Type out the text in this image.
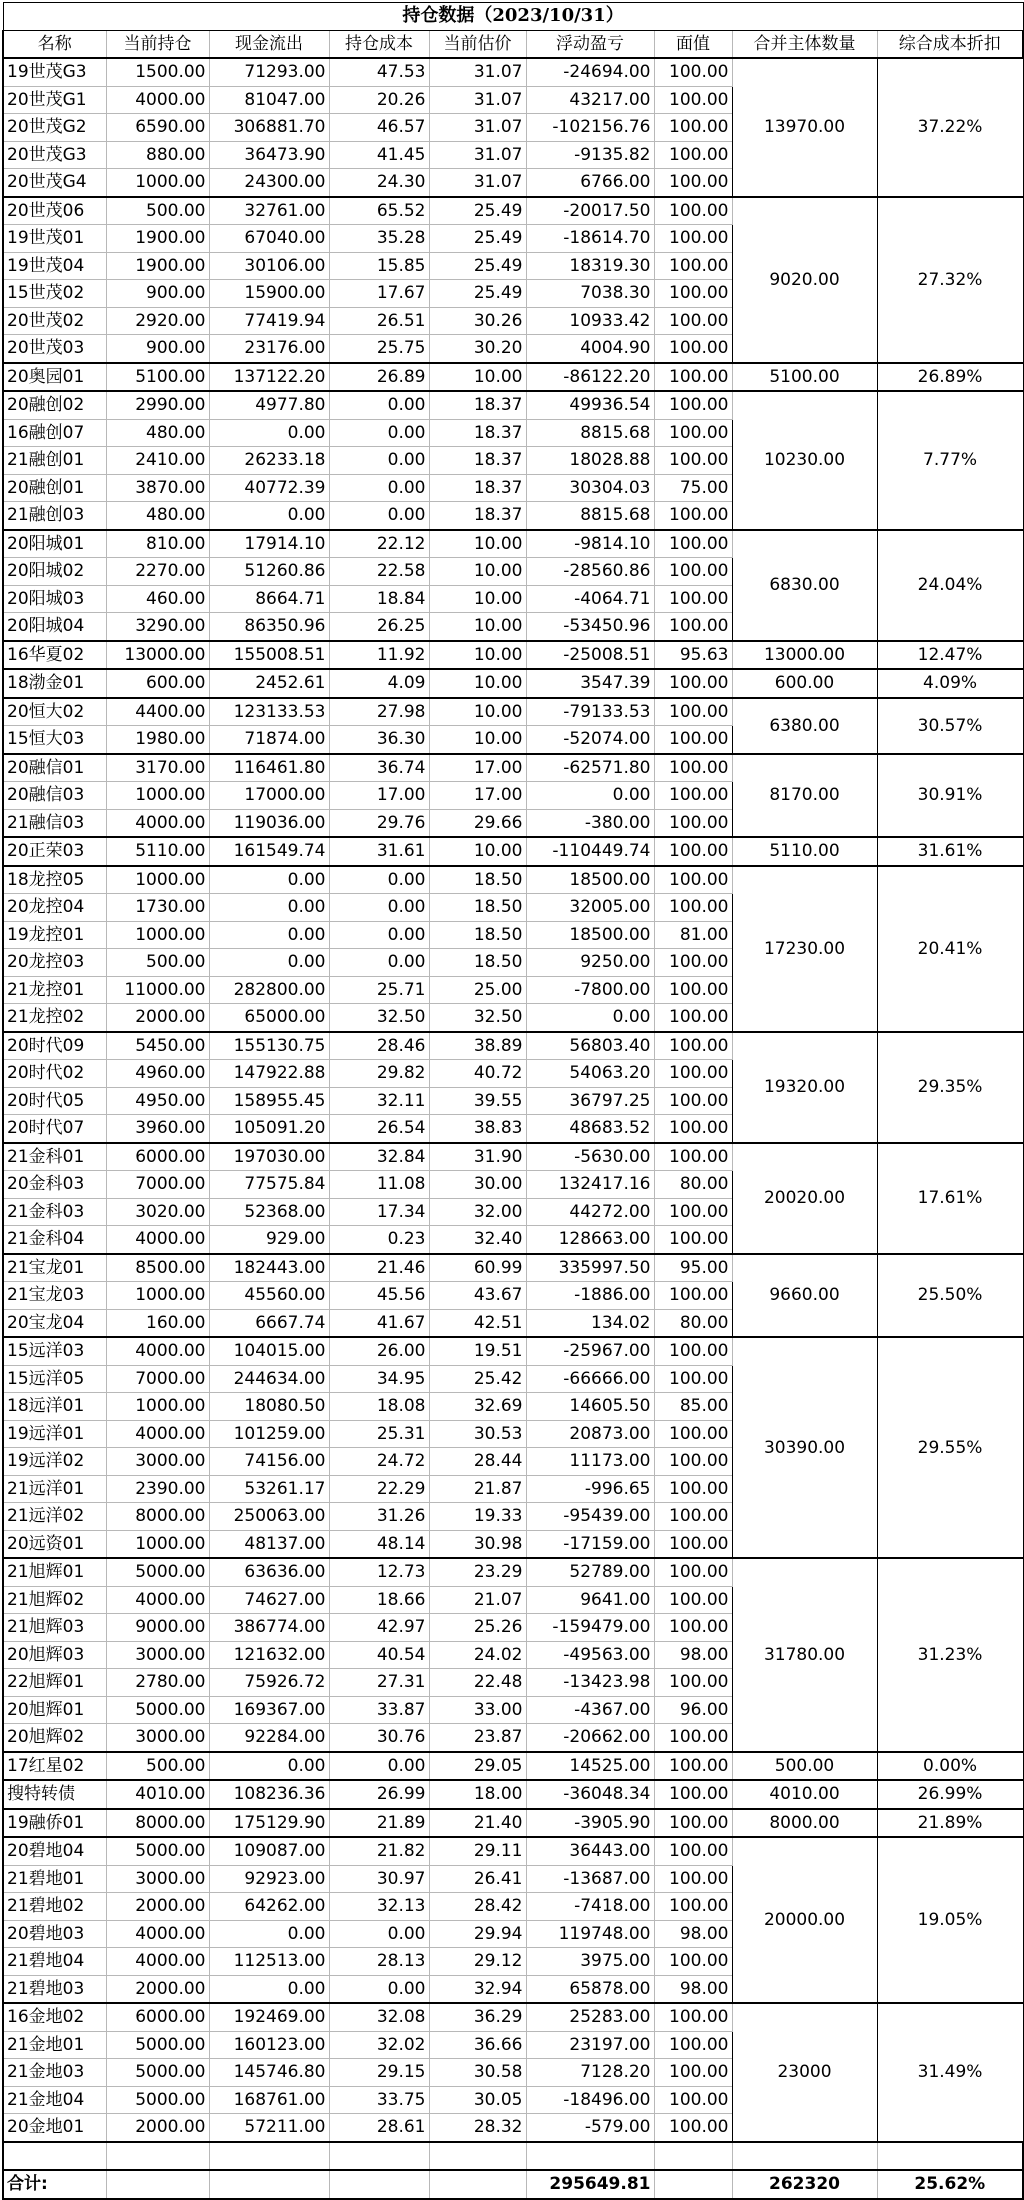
持仓数据（2023/10/31）								
名称	当前持仓	现金流出	持仓成本	当前估价	浮动盈亏	面值	合并主体数量	综合成本折扣
19世茂G3	1500.00	71293.00	47.53	31.07	-24694.00	100.00	13970.00	37.22%
20世茂G1	4000.00	81047.00	20.26	31.07	43217.00	100.00		
20世茂G2	6590.00	306881.70	46.57	31.07	-102156.76	100.00		
20世茂G3	880.00	36473.90	41.45	31.07	-9135.82	100.00		
20世茂G4	1000.00	24300.00	24.30	31.07	6766.00	100.00		
20世茂06	500.00	32761.00	65.52	25.49	-20017.50	100.00	9020.00	27.32%
19世茂01	1900.00	67040.00	35.28	25.49	-18614.70	100.00		
19世茂04	1900.00	30106.00	15.85	25.49	18319.30	100.00		
15世茂02	900.00	15900.00	17.67	25.49	7038.30	100.00		
20世茂02	2920.00	77419.94	26.51	30.26	10933.42	100.00		
20世茂03	900.00	23176.00	25.75	30.20	4004.90	100.00		
20奥园01	5100.00	137122.20	26.89	10.00	-86122.20	100.00	5100.00	26.89%
20融创02	2990.00	4977.80	0.00	18.37	49936.54	100.00	10230.00	7.77%
16融创07	480.00	0.00	0.00	18.37	8815.68	100.00		
21融创01	2410.00	26233.18	0.00	18.37	18028.88	100.00		
20融创01	3870.00	40772.39	0.00	18.37	30304.03	75.00		
21融创03	480.00	0.00	0.00	18.37	8815.68	100.00		
20阳城01	810.00	17914.10	22.12	10.00	-9814.10	100.00	6830.00	24.04%
20阳城02	2270.00	51260.86	22.58	10.00	-28560.86	100.00		
20阳城03	460.00	8664.71	18.84	10.00	-4064.71	100.00		
20阳城04	3290.00	86350.96	26.25	10.00	-53450.96	100.00		
16华夏02	13000.00	155008.51	11.92	10.00	-25008.51	95.63	13000.00	12.47%
18渤金01	600.00	2452.61	4.09	10.00	3547.39	100.00	600.00	4.09%
20恒大02	4400.00	123133.53	27.98	10.00	-79133.53	100.00	6380.00	30.57%
15恒大03	1980.00	71874.00	36.30	10.00	-52074.00	100.00		
20融信01	3170.00	116461.80	36.74	17.00	-62571.80	100.00	8170.00	30.91%
20融信03	1000.00	17000.00	17.00	17.00	0.00	100.00		
21融信03	4000.00	119036.00	29.76	29.66	-380.00	100.00		
20正荣03	5110.00	161549.74	31.61	10.00	-110449.74	100.00	5110.00	31.61%
18龙控05	1000.00	0.00	0.00	18.50	18500.00	100.00	17230.00	20.41%
20龙控04	1730.00	0.00	0.00	18.50	32005.00	100.00		
19龙控01	1000.00	0.00	0.00	18.50	18500.00	81.00		
20龙控03	500.00	0.00	0.00	18.50	9250.00	100.00		
21龙控01	11000.00	282800.00	25.71	25.00	-7800.00	100.00		
21龙控02	2000.00	65000.00	32.50	32.50	0.00	100.00		
20时代09	5450.00	155130.75	28.46	38.89	56803.40	100.00	19320.00	29.35%
20时代02	4960.00	147922.88	29.82	40.72	54063.20	100.00		
20时代05	4950.00	158955.45	32.11	39.55	36797.25	100.00		
20时代07	3960.00	105091.20	26.54	38.83	48683.52	100.00		
21金科01	6000.00	197030.00	32.84	31.90	-5630.00	100.00	20020.00	17.61%
20金科03	7000.00	77575.84	11.08	30.00	132417.16	80.00		
21金科03	3020.00	52368.00	17.34	32.00	44272.00	100.00		
21金科04	4000.00	929.00	0.23	32.40	128663.00	100.00		
21宝龙01	8500.00	182443.00	21.46	60.99	335997.50	95.00	9660.00	25.50%
21宝龙03	1000.00	45560.00	45.56	43.67	-1886.00	100.00		
20宝龙04	160.00	6667.74	41.67	42.51	134.02	80.00		
15远洋03	4000.00	104015.00	26.00	19.51	-25967.00	100.00	30390.00	29.55%
15远洋05	7000.00	244634.00	34.95	25.42	-66666.00	100.00		
18远洋01	1000.00	18080.50	18.08	32.69	14605.50	85.00		
19远洋01	4000.00	101259.00	25.31	30.53	20873.00	100.00		
19远洋02	3000.00	74156.00	24.72	28.44	11173.00	100.00		
21远洋01	2390.00	53261.17	22.29	21.87	-996.65	100.00		
21远洋02	8000.00	250063.00	31.26	19.33	-95439.00	100.00		
20远资01	1000.00	48137.00	48.14	30.98	-17159.00	100.00		
21旭辉01	5000.00	63636.00	12.73	23.29	52789.00	100.00	31780.00	31.23%
21旭辉02	4000.00	74627.00	18.66	21.07	9641.00	100.00		
21旭辉03	9000.00	386774.00	42.97	25.26	-159479.00	100.00		
20旭辉03	3000.00	121632.00	40.54	24.02	-49563.00	98.00		
22旭辉01	2780.00	75926.72	27.31	22.48	-13423.98	100.00		
20旭辉01	5000.00	169367.00	33.87	33.00	-4367.00	96.00		
20旭辉02	3000.00	92284.00	30.76	23.87	-20662.00	100.00		
17红星02	500.00	0.00	0.00	29.05	14525.00	100.00	500.00	0.00%
搜特转债	4010.00	108236.36	26.99	18.00	-36048.34	100.00	4010.00	26.99%
19融侨01	8000.00	175129.90	21.89	21.40	-3905.90	100.00	8000.00	21.89%
20碧地04	5000.00	109087.00	21.82	29.11	36443.00	100.00	20000.00	19.05%
21碧地01	3000.00	92923.00	30.97	26.41	-13687.00	100.00		
21碧地02	2000.00	64262.00	32.13	28.42	-7418.00	100.00		
20碧地03	4000.00	0.00	0.00	29.94	119748.00	98.00		
21碧地04	4000.00	112513.00	28.13	29.12	3975.00	100.00		
21碧地03	2000.00	0.00	0.00	32.94	65878.00	98.00		
16金地02	6000.00	192469.00	32.08	36.29	25283.00	100.00	23000	31.49%
21金地01	5000.00	160123.00	32.02	36.66	23197.00	100.00		
21金地03	5000.00	145746.80	29.15	30.58	7128.20	100.00		
21金地04	5000.00	168761.00	33.75	30.05	-18496.00	100.00		
20金地01	2000.00	57211.00	28.61	28.32	-579.00	100.00		

合计:					295649.81		262320	25.62%
